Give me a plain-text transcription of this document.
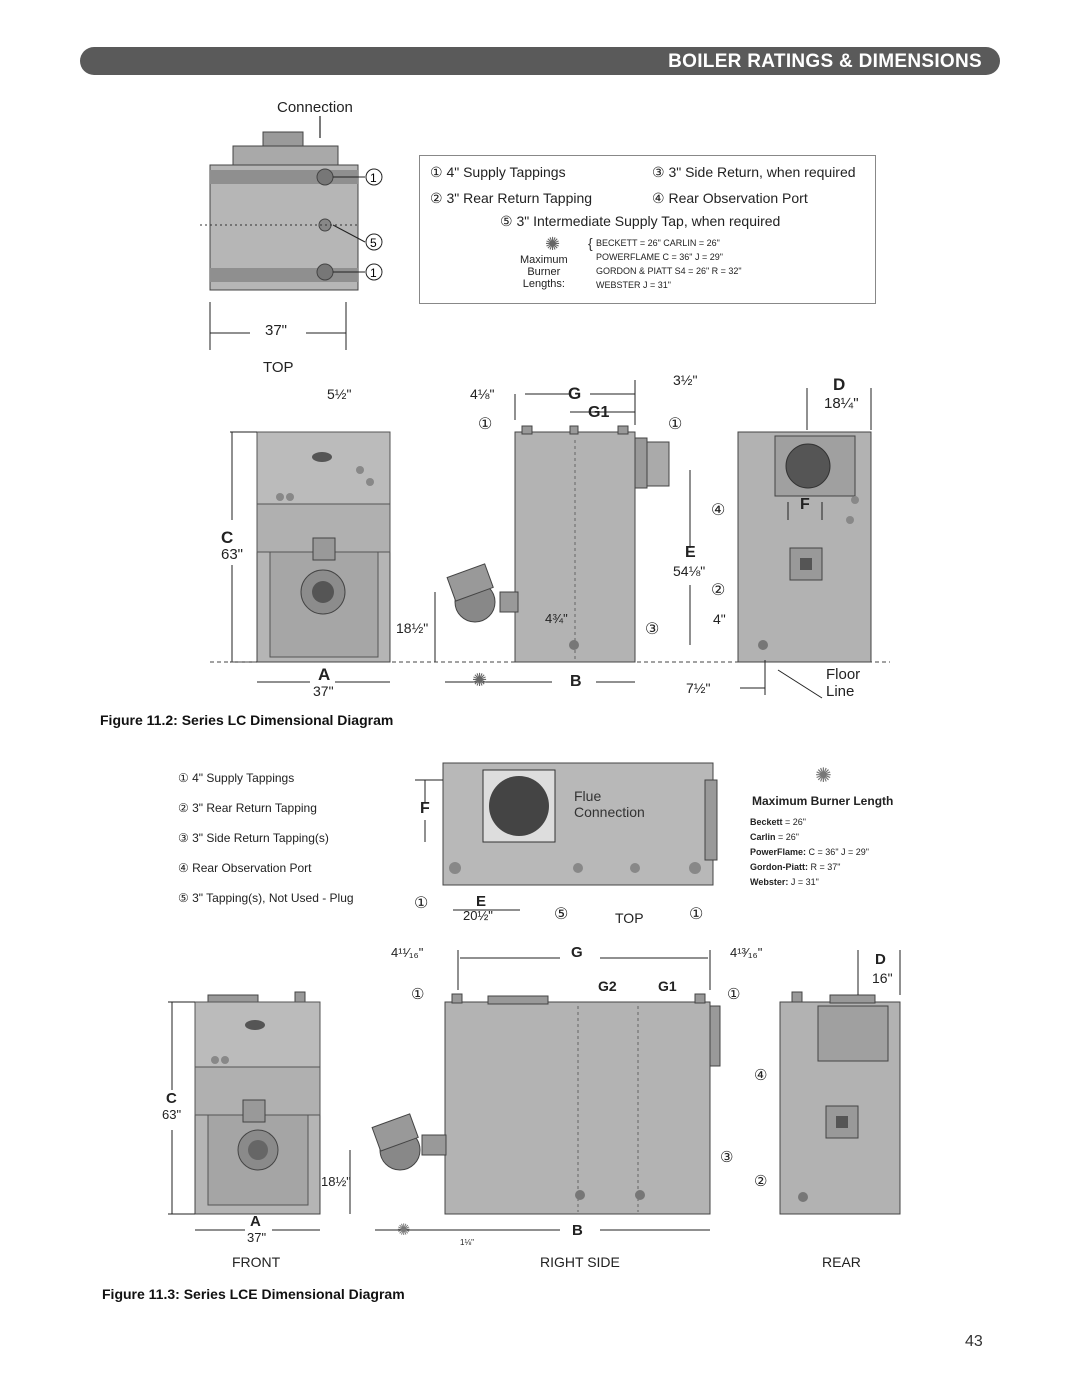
BOILER RATINGS & DIMENSIONS
Connection
1
5
1
37"
TOP
① 4" Supply Tappings	③ 3" Side Return, when required
② 3" Rear Return Tapping	④ Rear Observation Port
⑤ 3" Intermediate Supply Tap, when required
✺
Maximum
Burner
Lengths:
{ BECKETT = 26" CARLIN = 26"
POWERFLAME C = 36" J = 29"
GORDON & PIATT S4 = 26" R = 32"
WEBSTER J = 31"
5½"	4⅛"	G
G1
3½"	D
18¼"
C
63"
18½"
F
E
54⅛"
4¾"	4"
A
37"
✺	B	7½"
Floor
Line
①	①
④
②
③
Figure 11.2: Series LC Dimensional Diagram
① 4" Supply Tappings
② 3" Rear Return Tapping
③ 3" Side Return Tapping(s)
④ Rear Observation Port
⑤ 3" Tapping(s), Not Used - Plug
Flue
Connection
F
E
20½"	TOP
①
⑤	①
✺
Maximum Burner Length
Beckett = 26"
Carlin = 26"
PowerFlame: C = 36" J = 29"
Gordon-Piatt: R = 37"
Webster: J = 31"
4¹¹⁄₁₆"	G	4¹³⁄₁₆"	D
16"
G2	G1
C
63"
18½"
A
37"	✺	B
1⅛"
①	①
④
③
②
FRONT	RIGHT SIDE	REAR
Figure 11.3: Series LCE Dimensional Diagram
43
